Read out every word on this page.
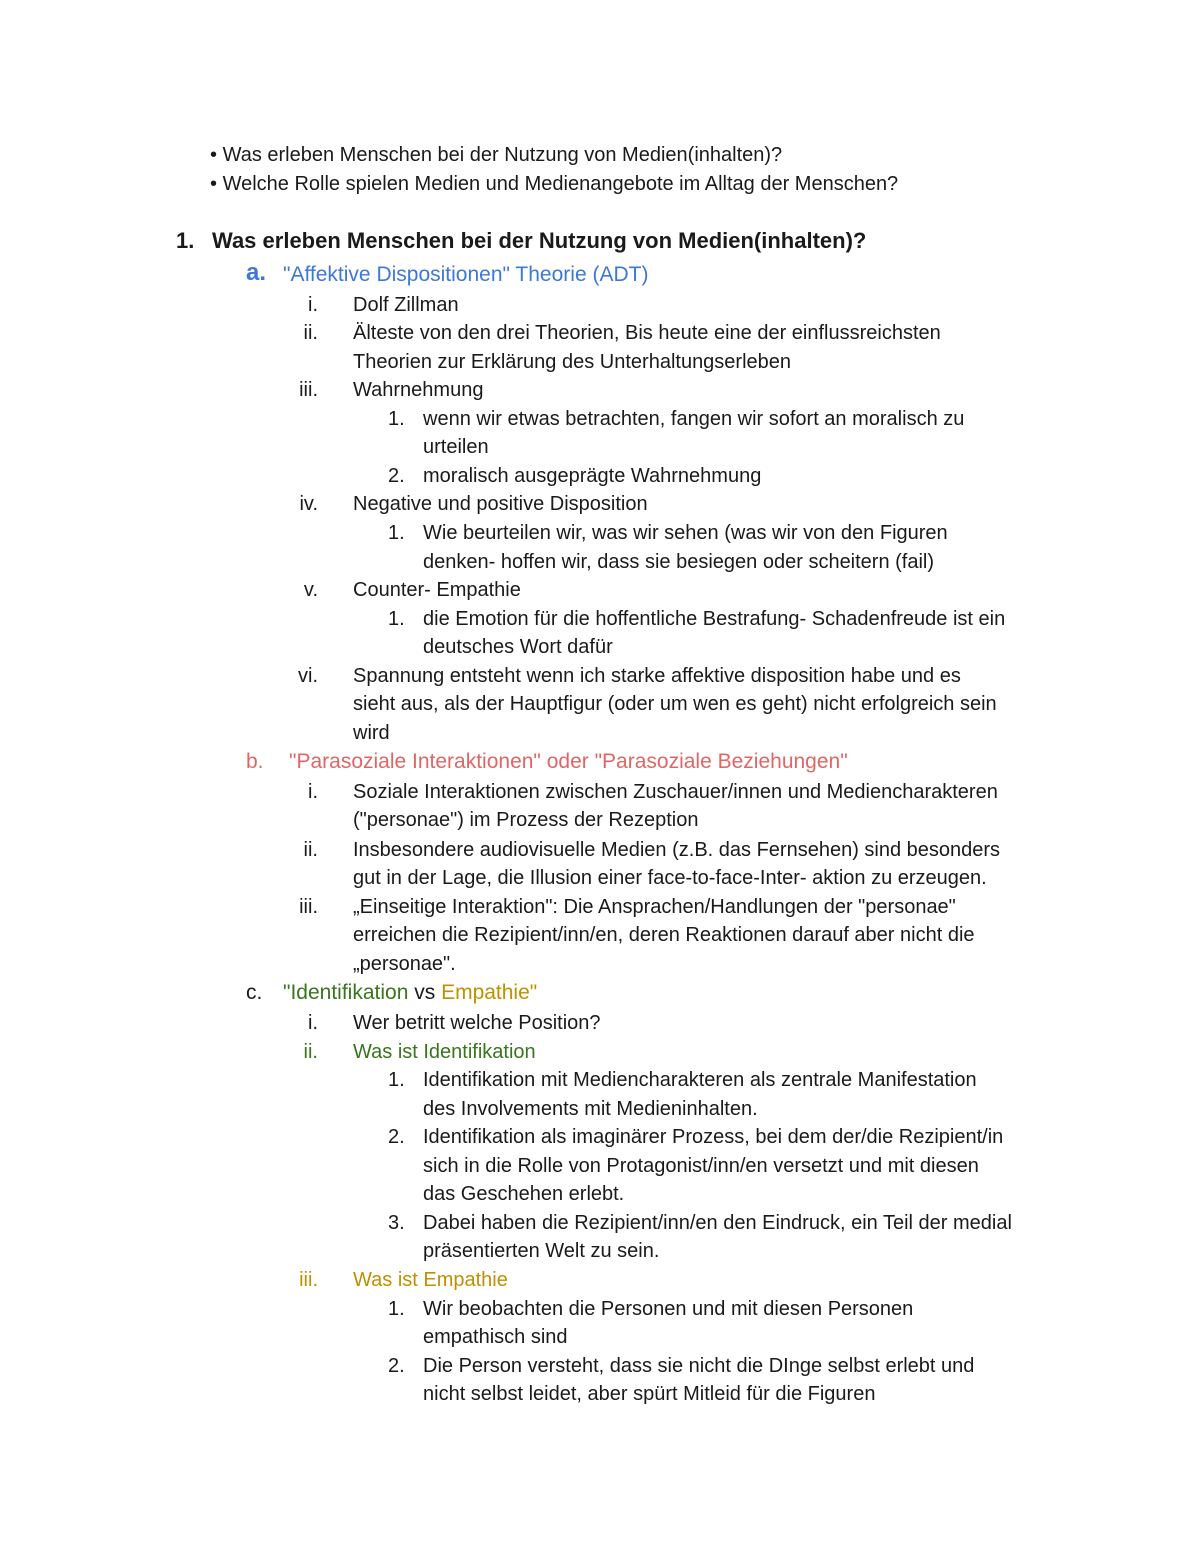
• Was erleben Menschen bei der Nutzung von Medien(inhalten)?
• Welche Rolle spielen Medien und Medienangebote im Alltag der Menschen?
1. Was erleben Menschen bei der Nutzung von Medien(inhalten)?
a. "Affektive Dispositionen" Theorie (ADT)
i. Dolf Zillman
ii. Älteste von den drei Theorien, Bis heute eine der einflussreichsten
Theorien zur Erklärung des Unterhaltungserleben
iii. Wahrnehmung
1. wenn wir etwas betrachten, fangen wir sofort an moralisch zu
urteilen
2. moralisch ausgeprägte Wahrnehmung
iv. Negative und positive Disposition
1. Wie beurteilen wir, was wir sehen (was wir von den Figuren
denken- hoffen wir, dass sie besiegen oder scheitern (fail)
v. Counter- Empathie
1. die Emotion für die hoffentliche Bestrafung- Schadenfreude ist ein
deutsches Wort dafür
vi. Spannung entsteht wenn ich starke affektive disposition habe und es
sieht aus, als der Hauptfigur (oder um wen es geht) nicht erfolgreich sein
wird
b. "Parasoziale Interaktionen" oder "Parasoziale Beziehungen"
i. Soziale Interaktionen zwischen Zuschauer/innen und Mediencharakteren
("personae") im Prozess der Rezeption
ii. Insbesondere audiovisuelle Medien (z.B. das Fernsehen) sind besonders
gut in der Lage, die Illusion einer face-to-face-Inter- aktion zu erzeugen.
iii. „Einseitige Interaktion": Die Ansprachen/Handlungen der "personae"
erreichen die Rezipient/inn/en, deren Reaktionen darauf aber nicht die
„personae".
c. "Identifikation vs Empathie"
i. Wer betritt welche Position?
ii. Was ist Identifikation
1. Identifikation mit Mediencharakteren als zentrale Manifestation
des Involvements mit Medieninhalten.
2. Identifikation als imaginärer Prozess, bei dem der/die Rezipient/in
sich in die Rolle von Protagonist/inn/en versetzt und mit diesen
das Geschehen erlebt.
3. Dabei haben die Rezipient/inn/en den Eindruck, ein Teil der medial
präsentierten Welt zu sein.
iii. Was ist Empathie
1. Wir beobachten die Personen und mit diesen Personen
empathisch sind
2. Die Person versteht, dass sie nicht die DInge selbst erlebt und
nicht selbst leidet, aber spürt Mitleid für die Figuren
